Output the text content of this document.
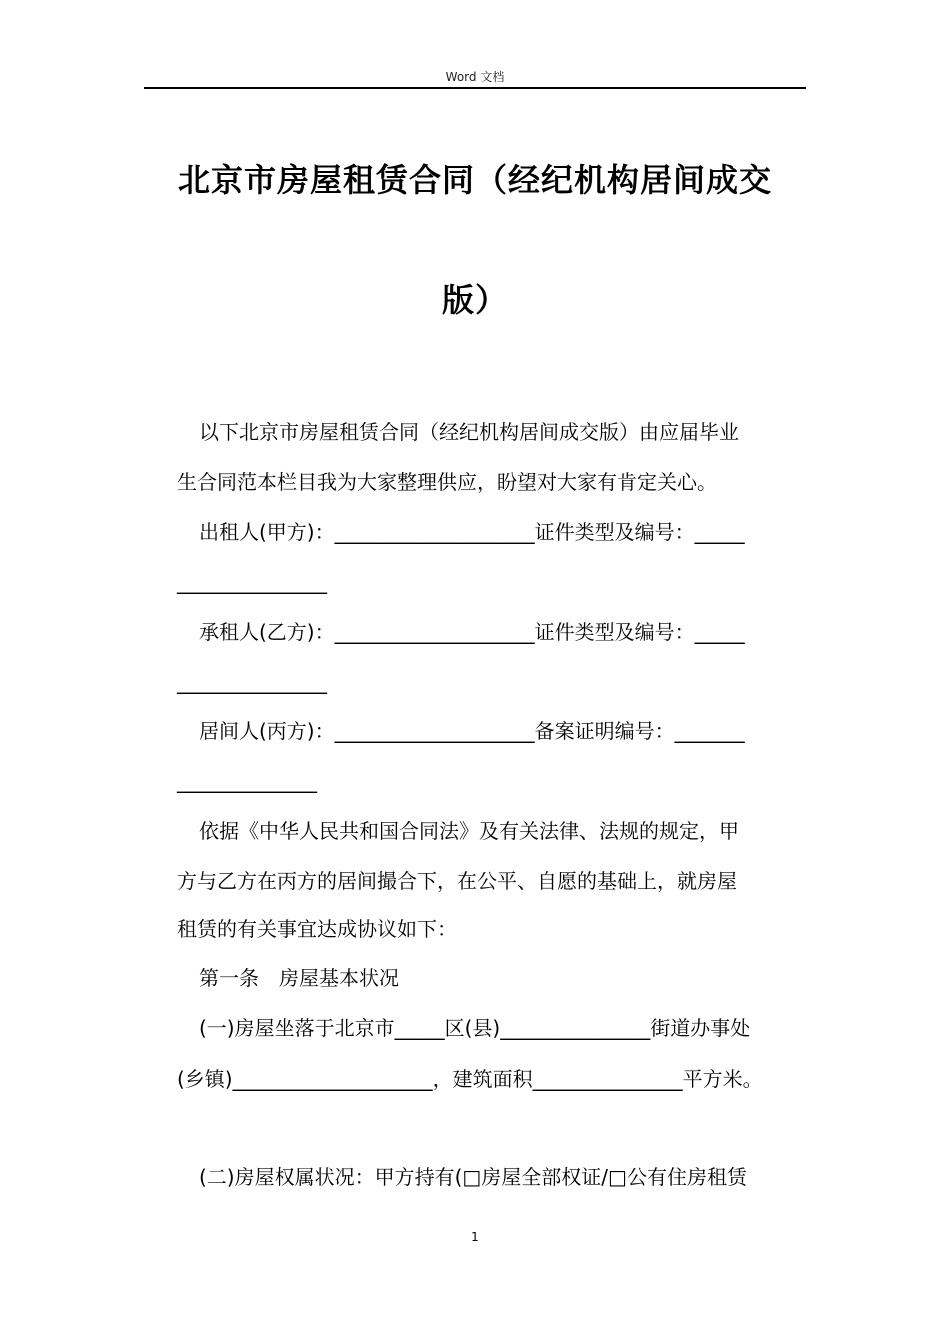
Word 文档
北京市房屋租赁合同（经纪机构居间成交
版）
以下北京市房屋租赁合同（经纪机构居间成交版）由应届毕业
生合同范本栏目我为大家整理供应，盼望对大家有肯定关心。
出租人(甲方)：____________________证件类型及编号：_____
_______________
承租人(乙方)：____________________证件类型及编号：_____
_______________
居间人(丙方)：____________________备案证明编号：_______
______________
依据《中华人民共和国合同法》及有关法律、法规的规定，甲
方与乙方在丙方的居间撮合下，在公平、自愿的基础上，就房屋
租赁的有关事宜达成协议如下：
第一条　房屋基本状况
(一)房屋坐落于北京市_____区(县)_______________街道办事处
(乡镇)____________________，建筑面积_______________平方米。
(二)房屋权属状况：甲方持有(□房屋全部权证/□公有住房租赁
1
